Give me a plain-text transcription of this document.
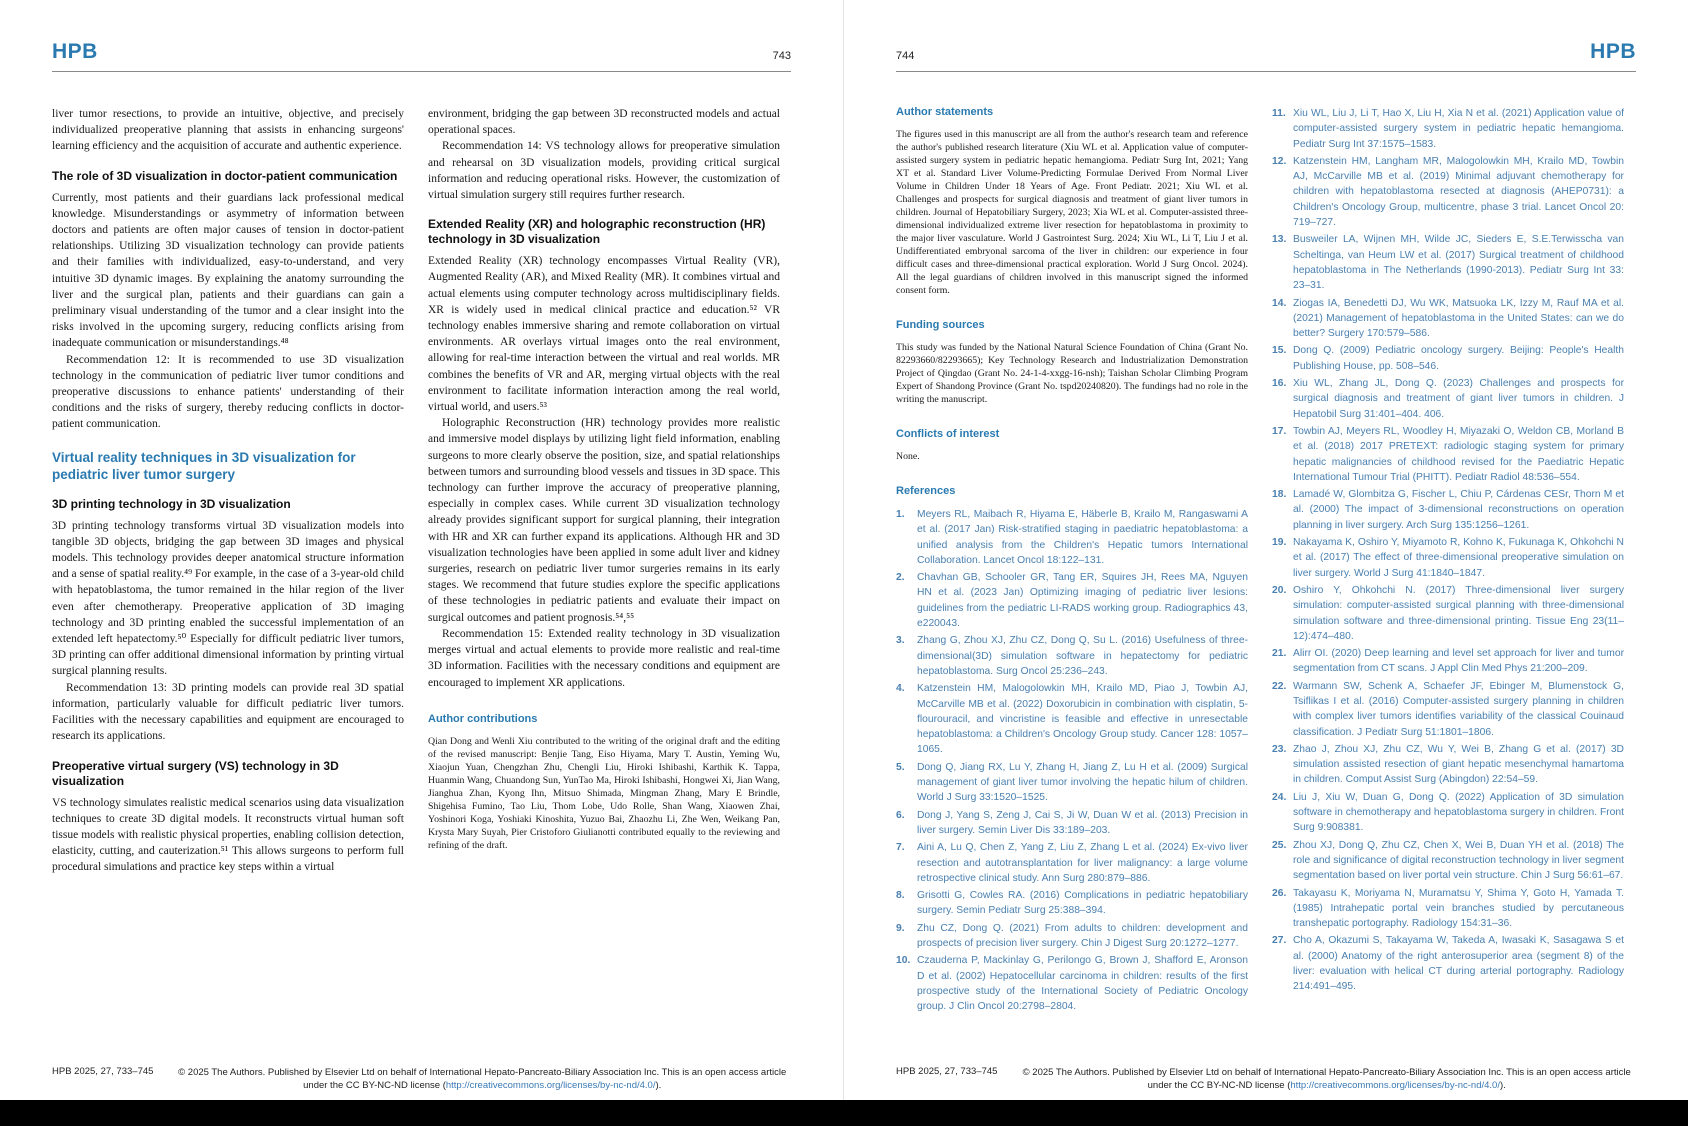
HPB	743
liver tumor resections, to provide an intuitive, objective, and precisely individualized preoperative planning that assists in enhancing surgeons' learning efficiency and the acquisition of accurate and authentic experience.
The role of 3D visualization in doctor-patient communication
Currently, most patients and their guardians lack professional medical knowledge. Misunderstandings or asymmetry of information between doctors and patients are often major causes of tension in doctor-patient relationships. Utilizing 3D visualization technology can provide patients and their families with individualized, easy-to-understand, and very intuitive 3D dynamic images. By explaining the anatomy surrounding the liver and the surgical plan, patients and their guardians can gain a preliminary visual understanding of the tumor and a clear insight into the risks involved in the upcoming surgery, reducing conflicts arising from inadequate communication or misunderstandings.⁴⁸
Recommendation 12: It is recommended to use 3D visualization technology in the communication of pediatric liver tumor conditions and preoperative discussions to enhance patients' understanding of their conditions and the risks of surgery, thereby reducing conflicts in doctor-patient communication.
Virtual reality techniques in 3D visualization for pediatric liver tumor surgery
3D printing technology in 3D visualization
3D printing technology transforms virtual 3D visualization models into tangible 3D objects, bridging the gap between 3D images and physical models. This technology provides deeper anatomical structure information and a sense of spatial reality.⁴⁹ For example, in the case of a 3-year-old child with hepatoblastoma, the tumor remained in the hilar region of the liver even after chemotherapy. Preoperative application of 3D imaging technology and 3D printing enabled the successful implementation of an extended left hepatectomy.⁵⁰ Especially for difficult pediatric liver tumors, 3D printing can offer additional dimensional information by printing virtual surgical planning results.
Recommendation 13: 3D printing models can provide real 3D spatial information, particularly valuable for difficult pediatric liver tumors. Facilities with the necessary capabilities and equipment are encouraged to research its applications.
Preoperative virtual surgery (VS) technology in 3D visualization
VS technology simulates realistic medical scenarios using data visualization techniques to create 3D digital models. It reconstructs virtual human soft tissue models with realistic physical properties, enabling collision detection, elasticity, cutting, and cauterization.⁵¹ This allows surgeons to perform full procedural simulations and practice key steps within a virtual
environment, bridging the gap between 3D reconstructed models and actual operational spaces.
Recommendation 14: VS technology allows for preoperative simulation and rehearsal on 3D visualization models, providing critical surgical information and reducing operational risks. However, the customization of virtual simulation surgery still requires further research.
Extended Reality (XR) and holographic reconstruction (HR) technology in 3D visualization
Extended Reality (XR) technology encompasses Virtual Reality (VR), Augmented Reality (AR), and Mixed Reality (MR). It combines virtual and actual elements using computer technology across multidisciplinary fields. XR is widely used in medical clinical practice and education.⁵² VR technology enables immersive sharing and remote collaboration on virtual environments. AR overlays virtual images onto the real environment, allowing for real-time interaction between the virtual and real worlds. MR combines the benefits of VR and AR, merging virtual objects with the real environment to facilitate information interaction among the real world, virtual world, and users.⁵³
Holographic Reconstruction (HR) technology provides more realistic and immersive model displays by utilizing light field information, enabling surgeons to more clearly observe the position, size, and spatial relationships between tumors and surrounding blood vessels and tissues in 3D space. This technology can further improve the accuracy of preoperative planning, especially in complex cases. While current 3D visualization technology already provides significant support for surgical planning, their integration with HR and XR can further expand its applications. Although HR and 3D visualization technologies have been applied in some adult liver and kidney surgeries, research on pediatric liver tumor surgeries remains in its early stages. We recommend that future studies explore the specific applications of these technologies in pediatric patients and evaluate their impact on surgical outcomes and patient prognosis.⁵⁴,⁵⁵
Recommendation 15: Extended reality technology in 3D visualization merges virtual and actual elements to provide more realistic and real-time 3D information. Facilities with the necessary conditions and equipment are encouraged to implement XR applications.
Author contributions
Qian Dong and Wenli Xiu contributed to the writing of the original draft and the editing of the revised manuscript: Benjie Tang, Eiso Hiyama, Mary T. Austin, Yeming Wu, Xiaojun Yuan, Chengzhan Zhu, Chengli Liu, Hiroki Ishibashi, Karthik K. Tappa, Huanmin Wang, Chuandong Sun, YunTao Ma, Hiroki Ishibashi, Hongwei Xi, Jian Wang, Jianghua Zhan, Kyong Ihn, Mitsuo Shimada, Mingman Zhang, Mary E Brindle, Shigehisa Fumino, Tao Liu, Thom Lobe, Udo Rolle, Shan Wang, Xiaowen Zhai, Yoshinori Koga, Yoshiaki Kinoshita, Yuzuo Bai, Zhaozhu Li, Zhe Wen, Weikang Pan, Krysta Mary Suyah, Pier Cristoforo Giulianotti contributed equally to the reviewing and refining of the draft.
HPB 2025, 27, 733–745	© 2025 The Authors. Published by Elsevier Ltd on behalf of International Hepato-Pancreato-Biliary Association Inc. This is an open access article under the CC BY-NC-ND license (http://creativecommons.org/licenses/by-nc-nd/4.0/).
744	HPB
Author statements
The figures used in this manuscript are all from the author's research team and reference the author's published research literature (Xiu WL et al. Application value of computer-assisted surgery system in pediatric hepatic hemangioma. Pediatr Surg Int, 2021; Yang XT et al. Standard Liver Volume-Predicting Formulae Derived From Normal Liver Volume in Children Under 18 Years of Age. Front Pediatr. 2021; Xiu WL et al. Challenges and prospects for surgical diagnosis and treatment of giant liver tumors in children. Journal of Hepatobiliary Surgery, 2023; Xia WL et al. Computer-assisted three-dimensional individualized extreme liver resection for hepatoblastoma in proximity to the major liver vasculature. World J Gastrointest Surg. 2024; Xiu WL, Li T, Liu J et al. Undifferentiated embryonal sarcoma of the liver in children: our experience in four difficult cases and three-dimensional practical exploration. World J Surg Oncol. 2024). All the legal guardians of children involved in this manuscript signed the informed consent form.
Funding sources
This study was funded by the National Natural Science Foundation of China (Grant No. 82293660/82293665); Key Technology Research and Industrialization Demonstration Project of Qingdao (Grant No. 24-1-4-xxgg-16-nsh); Taishan Scholar Climbing Program Expert of Shandong Province (Grant No. tspd20240820). The fundings had no role in the writing the manuscript.
Conflicts of interest
None.
References
1. Meyers RL, Maibach R, Hiyama E, Häberle B, Krailo M, Rangaswami A et al. (2017 Jan) Risk-stratified staging in paediatric hepatoblastoma: a unified analysis from the Children's Hepatic tumors International Collaboration. Lancet Oncol 18:122–131.
2. Chavhan GB, Schooler GR, Tang ER, Squires JH, Rees MA, Nguyen HN et al. (2023 Jan) Optimizing imaging of pediatric liver lesions: guidelines from the pediatric LI-RADS working group. Radiographics 43, e220043.
3. Zhang G, Zhou XJ, Zhu CZ, Dong Q, Su L. (2016) Usefulness of three-dimensional(3D) simulation software in hepatectomy for pediatric hepatoblastoma. Surg Oncol 25:236–243.
4. Katzenstein HM, Malogolowkin MH, Krailo MD, Piao J, Towbin AJ, McCarville MB et al. (2022) Doxorubicin in combination with cisplatin, 5-flourouracil, and vincristine is feasible and effective in unresectable hepatoblastoma: a Children's Oncology Group study. Cancer 128: 1057–1065.
5. Dong Q, Jiang RX, Lu Y, Zhang H, Jiang Z, Lu H et al. (2009) Surgical management of giant liver tumor involving the hepatic hilum of children. World J Surg 33:1520–1525.
6. Dong J, Yang S, Zeng J, Cai S, Ji W, Duan W et al. (2013) Precision in liver surgery. Semin Liver Dis 33:189–203.
7. Aini A, Lu Q, Chen Z, Yang Z, Liu Z, Zhang L et al. (2024) Ex-vivo liver resection and autotransplantation for liver malignancy: a large volume retrospective clinical study. Ann Surg 280:879–886.
8. Grisotti G, Cowles RA. (2016) Complications in pediatric hepatobiliary surgery. Semin Pediatr Surg 25:388–394.
9. Zhu CZ, Dong Q. (2021) From adults to children: development and prospects of precision liver surgery. Chin J Digest Surg 20:1272–1277.
10. Czauderna P, Mackinlay G, Perilongo G, Brown J, Shafford E, Aronson D et al. (2002) Hepatocellular carcinoma in children: results of the first prospective study of the International Society of Pediatric Oncology group. J Clin Oncol 20:2798–2804.
11. Xiu WL, Liu J, Li T, Hao X, Liu H, Xia N et al. (2021) Application value of computer-assisted surgery system in pediatric hepatic hemangioma. Pediatr Surg Int 37:1575–1583.
12. Katzenstein HM, Langham MR, Malogolowkin MH, Krailo MD, Towbin AJ, McCarville MB et al. (2019) Minimal adjuvant chemotherapy for children with hepatoblastoma resected at diagnosis (AHEP0731): a Children's Oncology Group, multicentre, phase 3 trial. Lancet Oncol 20: 719–727.
13. Busweiler LA, Wijnen MH, Wilde JC, Sieders E, S.E.Terwisscha van Scheltinga, van Heum LW et al. (2017) Surgical treatment of childhood hepatoblastoma in The Netherlands (1990-2013). Pediatr Surg Int 33: 23–31.
14. Ziogas IA, Benedetti DJ, Wu WK, Matsuoka LK, Izzy M, Rauf MA et al. (2021) Management of hepatoblastoma in the United States: can we do better? Surgery 170:579–586.
15. Dong Q. (2009) Pediatric oncology surgery. Beijing: People's Health Publishing House, pp. 508–546.
16. Xiu WL, Zhang JL, Dong Q. (2023) Challenges and prospects for surgical diagnosis and treatment of giant liver tumors in children. J Hepatobil Surg 31:401–404. 406.
17. Towbin AJ, Meyers RL, Woodley H, Miyazaki O, Weldon CB, Morland B et al. (2018) 2017 PRETEXT: radiologic staging system for primary hepatic malignancies of childhood revised for the Paediatric Hepatic International Tumour Trial (PHITT). Pediatr Radiol 48:536–554.
18. Lamadé W, Glombitza G, Fischer L, Chiu P, Cárdenas CESr, Thorn M et al. (2000) The impact of 3-dimensional reconstructions on operation planning in liver surgery. Arch Surg 135:1256–1261.
19. Nakayama K, Oshiro Y, Miyamoto R, Kohno K, Fukunaga K, Ohkohchi N et al. (2017) The effect of three-dimensional preoperative simulation on liver surgery. World J Surg 41:1840–1847.
20. Oshiro Y, Ohkohchi N. (2017) Three-dimensional liver surgery simulation: computer-assisted surgical planning with three-dimensional simulation software and three-dimensional printing. Tissue Eng 23(11–12):474–480.
21. Alirr OI. (2020) Deep learning and level set approach for liver and tumor segmentation from CT scans. J Appl Clin Med Phys 21:200–209.
22. Warmann SW, Schenk A, Schaefer JF, Ebinger M, Blumenstock G, Tsiflikas I et al. (2016) Computer-assisted surgery planning in children with complex liver tumors identifies variability of the classical Couinaud classification. J Pediatr Surg 51:1801–1806.
23. Zhao J, Zhou XJ, Zhu CZ, Wu Y, Wei B, Zhang G et al. (2017) 3D simulation assisted resection of giant hepatic mesenchymal hamartoma in children. Comput Assist Surg (Abingdon) 22:54–59.
24. Liu J, Xiu W, Duan G, Dong Q. (2022) Application of 3D simulation software in chemotherapy and hepatoblastoma surgery in children. Front Surg 9:908381.
25. Zhou XJ, Dong Q, Zhu CZ, Chen X, Wei B, Duan YH et al. (2018) The role and significance of digital reconstruction technology in liver segment segmentation based on liver portal vein structure. Chin J Surg 56:61–67.
26. Takayasu K, Moriyama N, Muramatsu Y, Shima Y, Goto H, Yamada T. (1985) Intrahepatic portal vein branches studied by percutaneous transhepatic portography. Radiology 154:31–36.
27. Cho A, Okazumi S, Takayama W, Takeda A, Iwasaki K, Sasagawa S et al. (2000) Anatomy of the right anterosuperior area (segment 8) of the liver: evaluation with helical CT during arterial portography. Radiology 214:491–495.
HPB 2025, 27, 733–745	© 2025 The Authors. Published by Elsevier Ltd on behalf of International Hepato-Pancreato-Biliary Association Inc. This is an open access article under the CC BY-NC-ND license (http://creativecommons.org/licenses/by-nc-nd/4.0/).
